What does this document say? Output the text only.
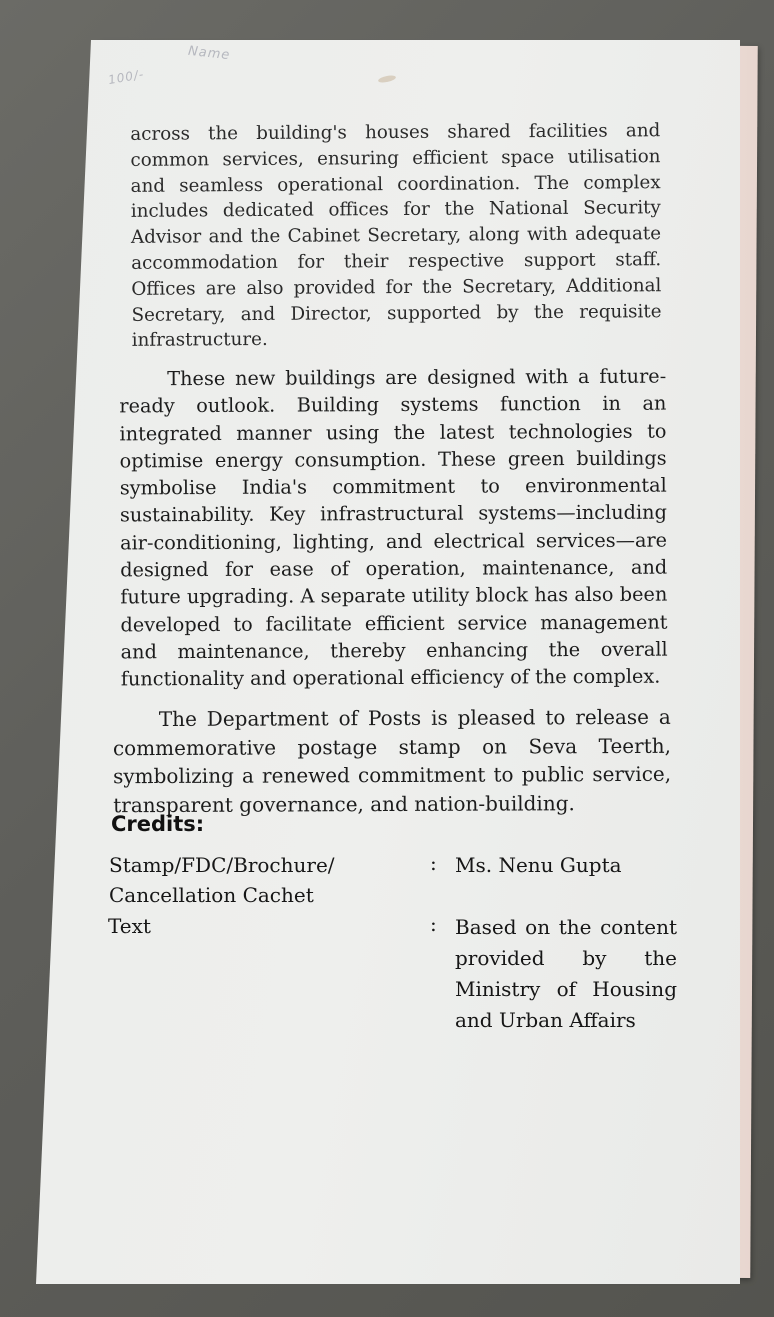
Name
100/-

across the building's houses shared facilities and common services, ensuring efficient space utilisation and seamless operational coordination. The complex includes dedicated offices for the National Security Advisor and the Cabinet Secretary, along with adequate accommodation for their respective support staff. Offices are also provided for the Secretary, Additional Secretary, and Director, supported by the requisite infrastructure.

These new buildings are designed with a future-ready outlook. Building systems function in an integrated manner using the latest technologies to optimise energy consumption. These green buildings symbolise India's commitment to environmental sustainability. Key infrastructural systems—including air-conditioning, lighting, and electrical services—are designed for ease of operation, maintenance, and future upgrading. A separate utility block has also been developed to facilitate efficient service management and maintenance, thereby enhancing the overall functionality and operational efficiency of the complex.

The Department of Posts is pleased to release a commemorative postage stamp on Seva Teerth, symbolizing a renewed commitment to public service, transparent governance, and nation-building.

Credits:
Stamp/FDC/Brochure/ Cancellation Cachet
: Ms. Nenu Gupta
Text	: Based on the content provided by the Ministry of Housing and Urban Affairs
